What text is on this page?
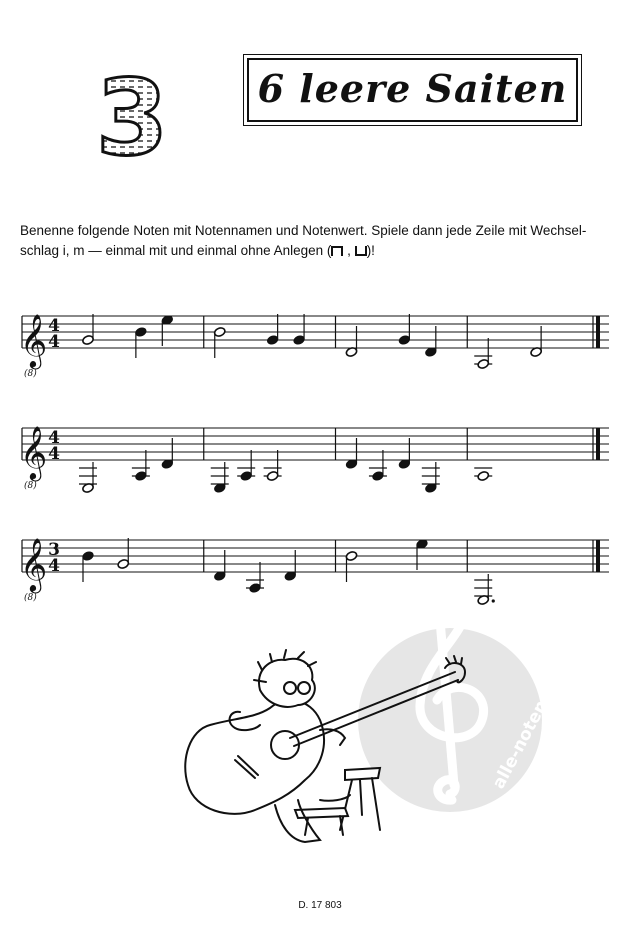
3 6 leere Saiten
Benenne folgende Noten mit Notennamen und Notenwert. Spiele dann jede Zeile mit Wechsel-
schlag i, m — einmal mit und einmal ohne Anlegen ( , )!
𝄞
(8)
4
4
𝄞
(8)
4
4
𝄞
(8)
3
4
alle-noten.de
D. 17 803
